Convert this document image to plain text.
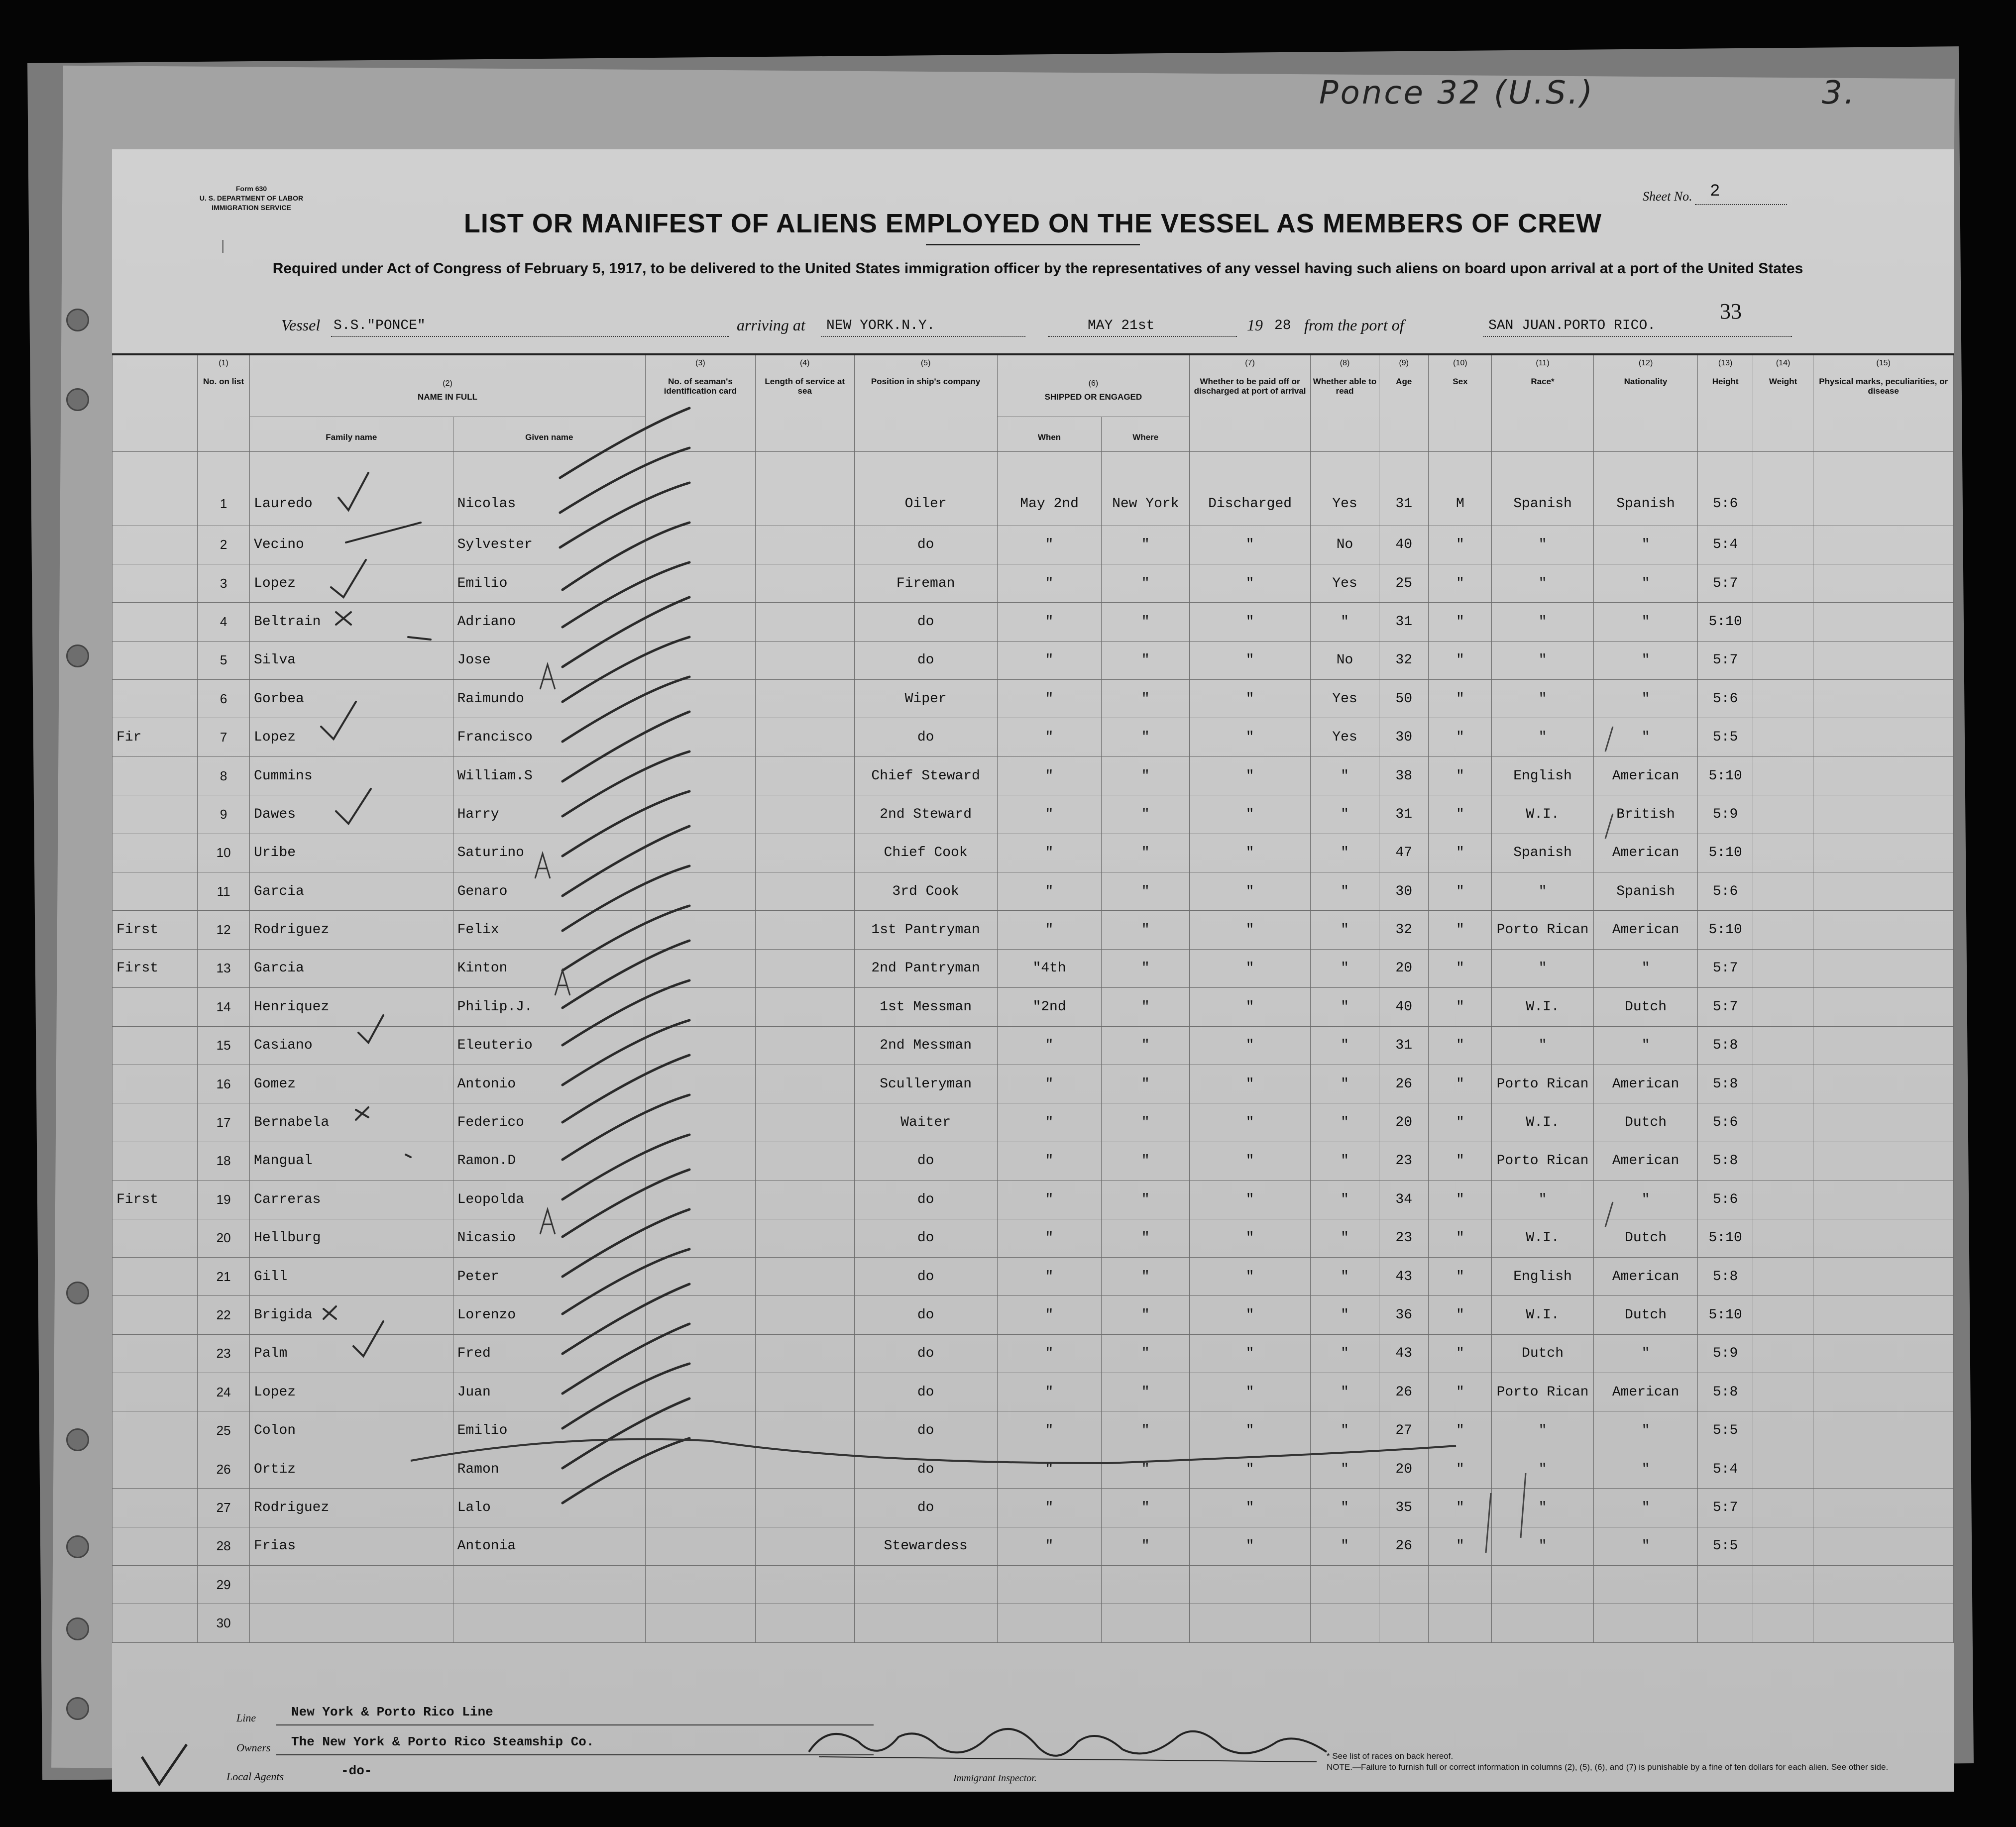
Ponce 32 (U.S.)	3.
Form 630
U. S. DEPARTMENT OF LABOR
IMMIGRATION SERVICE
|
Sheet No. 2
LIST OR MANIFEST OF ALIENS EMPLOYED ON THE VESSEL AS MEMBERS OF CREW
Required under Act of Congress of February 5, 1917, to be delivered to the United States immigration officer by the representatives of any vessel having such aliens on board upon arrival at a port of the United States
Vessel S.S."PONCE"	arriving at NEW YORK.N.Y.	MAY 21st	19 28 from the port of	SAN JUAN.PORTO RICO.
33

	(1)
No. on list	(2)
NAME IN FULL		(3)
No. of seaman's identification card	(4)
Length of service at sea	(5)
Position in ship's company	(6)
SHIPPED OR ENGAGED		(7)
Whether to be paid off or discharged at port of arrival	(8)
Whether able to read	(9)
Age	(10)
Sex	(11)
Race*	(12)
Nationality	(13)
Height	(14)
Weight	(15)
Physical marks, peculiarities, or disease

		Family name	Given name				When	Where									
	1	Lauredo	Nicolas			Oiler	May 2nd	New York	Discharged	Yes	31	M	Spanish	Spanish	5:6		
	2	Vecino	Sylvester			do	"	"	"	No	40	"	"	"	5:4		
	3	Lopez	Emilio			Fireman	"	"	"	Yes	25	"	"	"	5:7		
	4	Beltrain	Adriano			do	"	"	"	"	31	"	"	"	5:10		
	5	Silva	Jose			do	"	"	"	No	32	"	"	"	5:7		
	6	Gorbea	Raimundo			Wiper	"	"	"	Yes	50	"	"	"	5:6		
Fir	7	Lopez	Francisco			do	"	"	"	Yes	30	"	"	"	5:5		
	8	Cummins	William.S			Chief Steward	"	"	"	"	38	"	English	American	5:10		
	9	Dawes	Harry			2nd Steward	"	"	"	"	31	"	W.I.	British	5:9		
	10	Uribe	Saturino			Chief Cook	"	"	"	"	47	"	Spanish	American	5:10		
	11	Garcia	Genaro			3rd Cook	"	"	"	"	30	"	"	Spanish	5:6		
First	12	Rodriguez	Felix			1st Pantryman	"	"	"	"	32	"	Porto Rican	American	5:10		
First	13	Garcia	Kinton			2nd Pantryman	"4th	"	"	"	20	"	"	"	5:7		
	14	Henriquez	Philip.J.			1st Messman	"2nd	"	"	"	40	"	W.I.	Dutch	5:7		
	15	Casiano	Eleuterio			2nd Messman	"	"	"	"	31	"	"	"	5:8		
	16	Gomez	Antonio			Sculleryman	"	"	"	"	26	"	Porto Rican	American	5:8		
	17	Bernabela	Federico			Waiter	"	"	"	"	20	"	W.I.	Dutch	5:6		
	18	Mangual	Ramon.D			do	"	"	"	"	23	"	Porto Rican	American	5:8		
First	19	Carreras	Leopolda			do	"	"	"	"	34	"	"	"	5:6		
	20	Hellburg	Nicasio			do	"	"	"	"	23	"	W.I.	Dutch	5:10		
	21	Gill	Peter			do	"	"	"	"	43	"	English	American	5:8		
	22	Brigida	Lorenzo			do	"	"	"	"	36	"	W.I.	Dutch	5:10		
	23	Palm	Fred			do	"	"	"	"	43	"	Dutch	"	5:9		
	24	Lopez	Juan			do	"	"	"	"	26	"	Porto Rican	American	5:8		
	25	Colon	Emilio			do	"	"	"	"	27	"	"	"	5:5		
	26	Ortiz	Ramon			do	"	"	"	"	20	"	"	"	5:4		
	27	Rodriguez	Lalo			do	"	"	"	"	35	"	"	"	5:7		
	28	Frias	Antonia			Stewardess	"	"	"	"	26	"	"	"	5:5		
	29																
	30																
Line	New York & Porto Rico Line
Owners The New York & Porto Rico Steamship Co.
Local Agents	-do-	Immigrant Inspector.
* See list of races on back hereof.
NOTE.—Failure to furnish full or correct information in columns (2), (5), (6), and (7) is punishable by a fine of ten dollars for each alien. See other side.
